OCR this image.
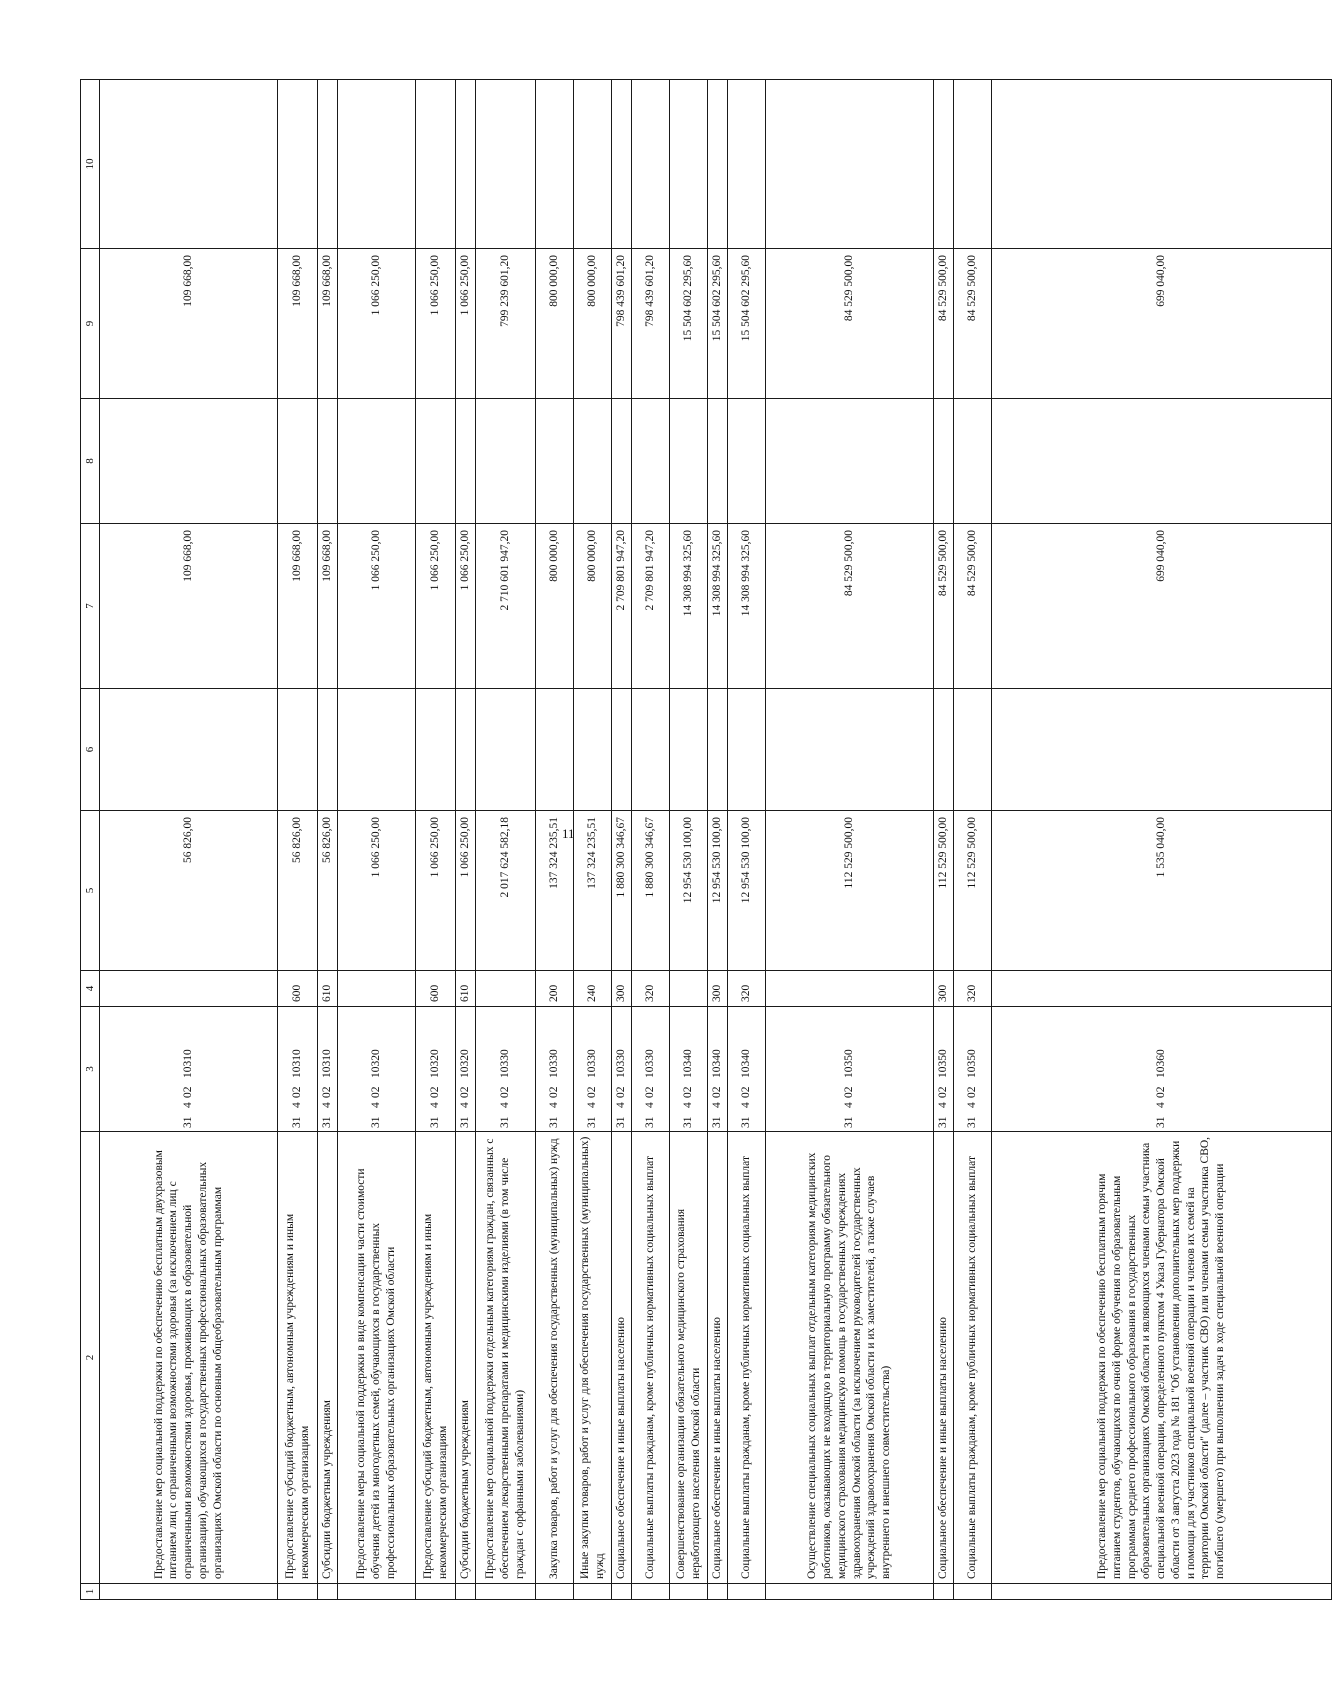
11
1	2	3	4	5	6	7	8	9	10
	Предоставление мер социальной поддержки по обеспечению бесплатным двухразовым питанием лиц с ограниченными возможностями здоровья (за исключением лиц с ограниченными возможностями здоровья, проживающих в образовательной организации), обучающихся в государственных профессиональных образовательных организациях Омской области по основным общеобразовательным программам	3140210310		56 826,00		109 668,00		109 668,00	
	Предоставление субсидий бюджетным, автономным учреждениям и иным некоммерческим организациям	3140210310	600	56 826,00		109 668,00		109 668,00	
	Субсидии бюджетным учреждениям	3140210310	610	56 826,00		109 668,00		109 668,00	
	Предоставление меры социальной поддержки в виде компенсации части стоимости обучения детей из многодетных семей, обучающихся в государственных профессиональных образовательных организациях Омской области	3140210320		1 066 250,00		1 066 250,00		1 066 250,00	
	Предоставление субсидий бюджетным, автономным учреждениям и иным некоммерческим организациям	3140210320	600	1 066 250,00		1 066 250,00		1 066 250,00	
	Субсидии бюджетным учреждениям	3140210320	610	1 066 250,00		1 066 250,00		1 066 250,00	
	Предоставление мер социальной поддержки отдельным категориям граждан, связанных с обеспечением лекарственными препаратами и медицинскими изделиями (в том числе граждан с орфанными заболеваниями)	3140210330		2 017 624 582,18		2 710 601 947,20		799 239 601,20	
	Закупка товаров, работ и услуг для обеспечения государственных (муниципальных) нужд	3140210330	200	137 324 235,51		800 000,00		800 000,00	
	Иные закупки товаров, работ и услуг для обеспечения государственных (муниципальных) нужд	3140210330	240	137 324 235,51		800 000,00		800 000,00	
	Социальное обеспечение и иные выплаты населению	3140210330	300	1 880 300 346,67		2 709 801 947,20		798 439 601,20	
	Социальные выплаты гражданам, кроме публичных нормативных социальных выплат	3140210330	320	1 880 300 346,67		2 709 801 947,20		798 439 601,20	
	Совершенствование организации обязательного медицинского страхования неработающего населения Омской области	3140210340		12 954 530 100,00		14 308 994 325,60		15 504 602 295,60	
	Социальное обеспечение и иные выплаты населению	3140210340	300	12 954 530 100,00		14 308 994 325,60		15 504 602 295,60	
	Социальные выплаты гражданам, кроме публичных нормативных социальных выплат	3140210340	320	12 954 530 100,00		14 308 994 325,60		15 504 602 295,60	
	Осуществление специальных социальных выплат отдельным категориям медицинских работников, оказывающих не входящую в территориальную программу обязательного медицинского страхования медицинскую помощь в государственных учреждениях здравоохранения Омской области (за исключением руководителей государственных учреждений здравоохранения Омской области и их заместителей, а также случаев внутреннего и внешнего совместительства)	3140210350		112 529 500,00		84 529 500,00		84 529 500,00	
	Социальное обеспечение и иные выплаты населению	3140210350	300	112 529 500,00		84 529 500,00		84 529 500,00	
	Социальные выплаты гражданам, кроме публичных нормативных социальных выплат	3140210350	320	112 529 500,00		84 529 500,00		84 529 500,00	
	Предоставление мер социальной поддержки по обеспечению бесплатным горячим питанием студентов, обучающихся по очной форме обучения по образовательным программам среднего профессионального образования в государственных образовательных организациях Омской области и являющихся членами семьи участника специальной военной операции, определенного пунктом 4 Указа Губернатора Омской области от 3 августа 2023 года № 181 "Об установлении дополнительных мер поддержки и помощи для участников специальной военной операции и членов их семей на территории Омской области" (далее – участник СВО) или членами семьи участника СВО, погибшего (умершего) при выполнении задач в ходе специальной военной операции	3140210360		1 535 040,00		699 040,00		699 040,00	
